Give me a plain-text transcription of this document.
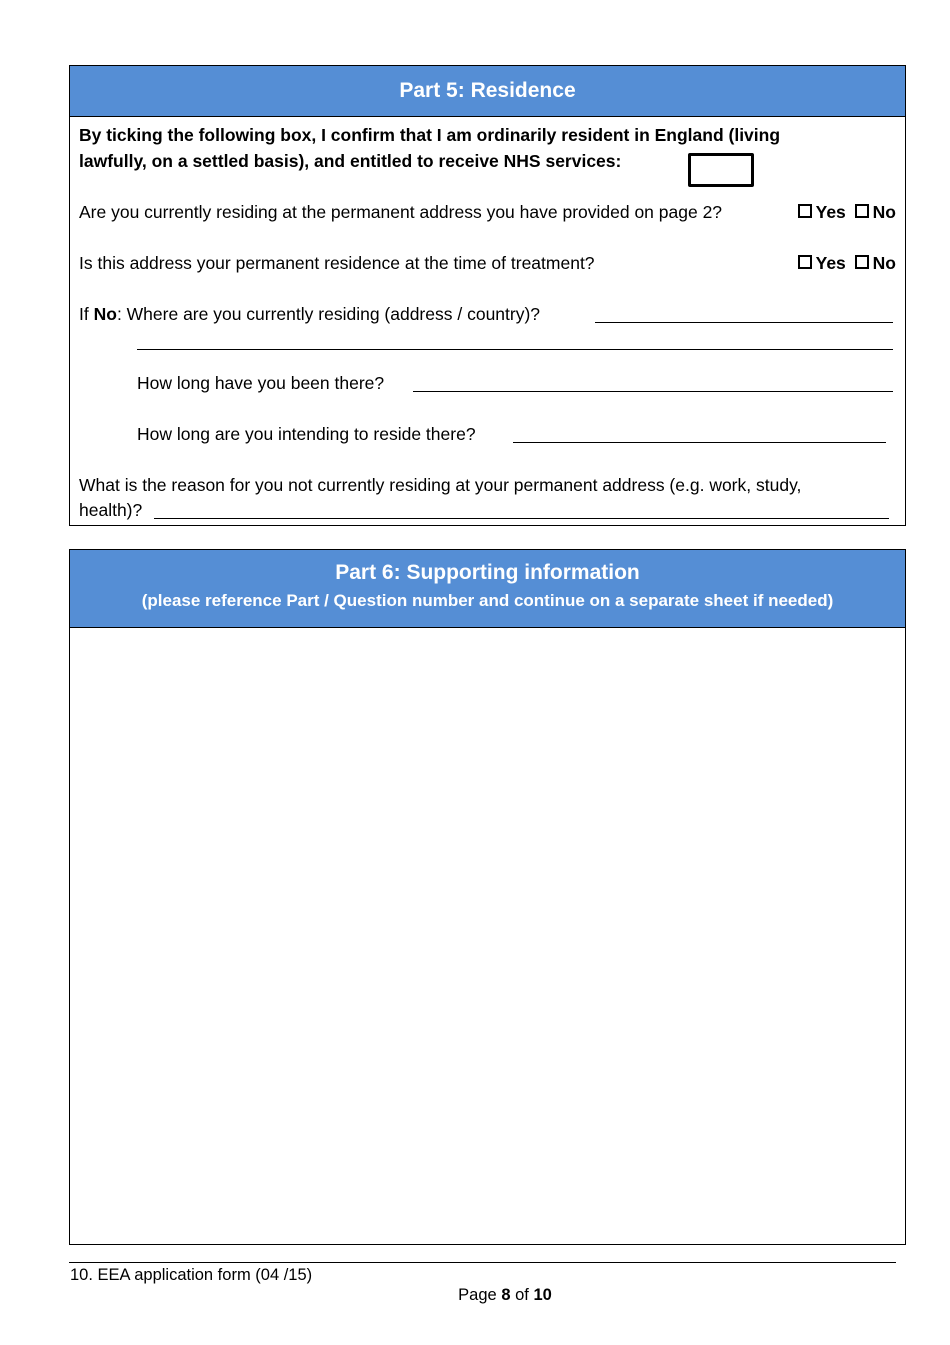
Part 5: Residence
By ticking the following box, I confirm that I am ordinarily resident in England (living
lawfully, on a settled basis), and entitled to receive NHS services:
Are you currently residing at the permanent address you have provided on page 2?	Yes No
Is this address your permanent residence at the time of treatment?	Yes No
If No: Where are you currently residing (address / country)?
How long have you been there?
How long are you intending to reside there?
What is the reason for you not currently residing at your permanent address (e.g. work, study,
health)?
Part 6: Supporting information
(please reference Part / Question number and continue on a separate sheet if needed)
10. EEA application form (04 /15)
Page 8 of 10
